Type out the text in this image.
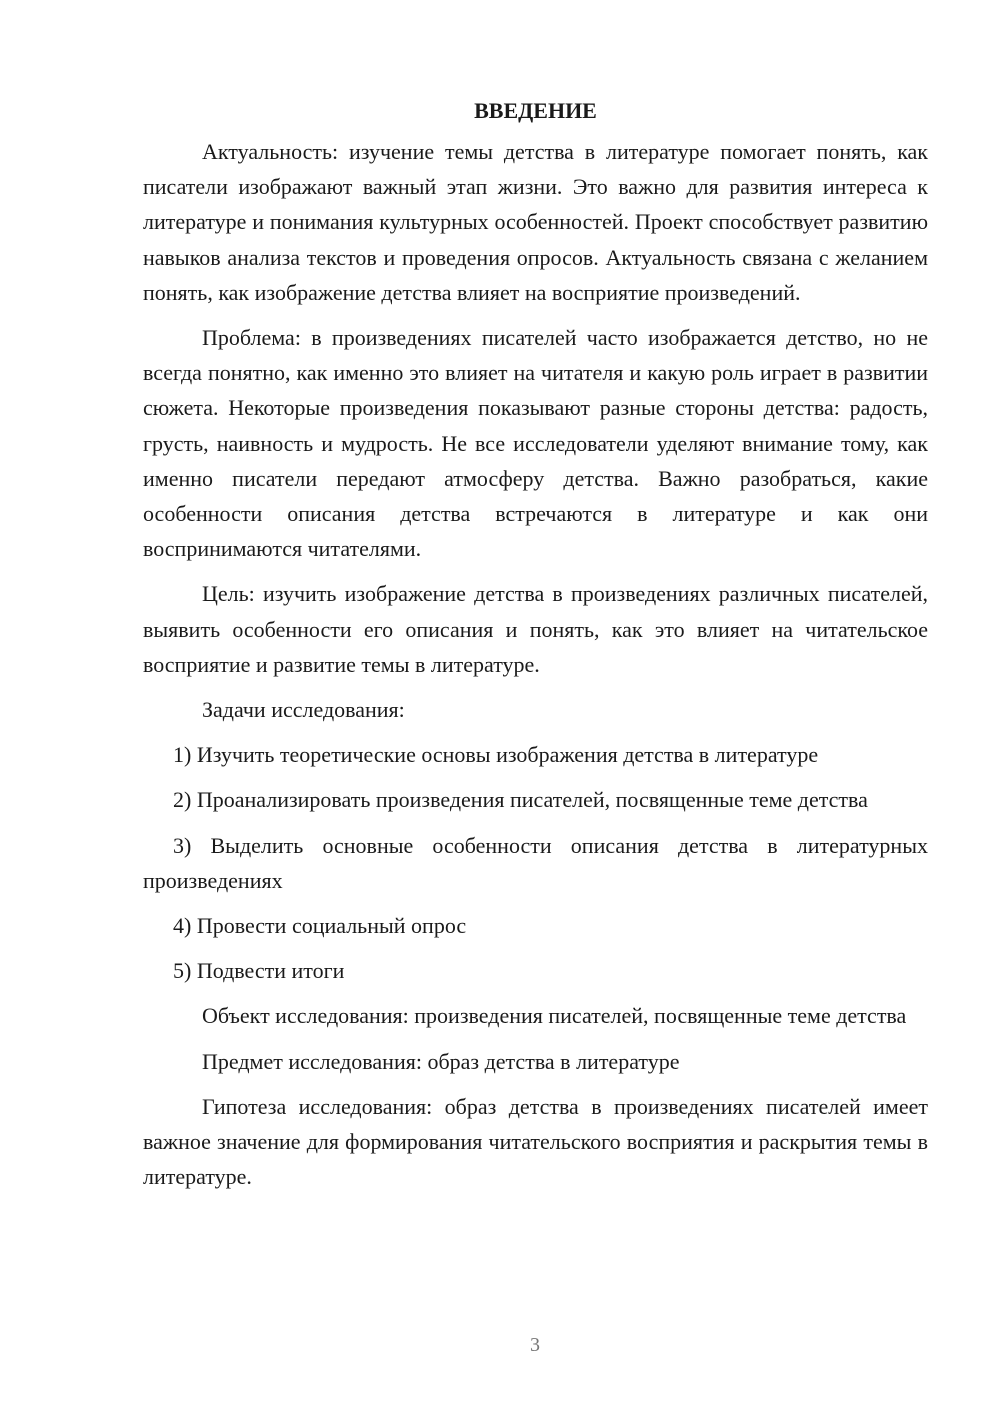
ВВЕДЕНИЕ

Актуальность: изучение темы детства в литературе помогает понять, как писатели изображают важный этап жизни. Это важно для развития интереса к литературе и понимания культурных особенностей. Проект способствует развитию навыков анализа текстов и проведения опросов. Актуальность связана с желанием понять, как изображение детства влияет на восприятие произведений.

Проблема: в произведениях писателей часто изображается детство, но не всегда понятно, как именно это влияет на читателя и какую роль играет в развитии сюжета. Некоторые произведения показывают разные стороны детства: радость, грусть, наивность и мудрость. Не все исследователи уделяют внимание тому, как именно писатели передают атмосферу детства. Важно разобраться, какие особенности описания детства встречаются в литературе и как они воспринимаются читателями.

Цель: изучить изображение детства в произведениях различных писателей, выявить особенности его описания и понять, как это влияет на читательское восприятие и развитие темы в литературе.

Задачи исследования:

1) Изучить теоретические основы изображения детства в литературе

2) Проанализировать произведения писателей, посвященные теме детства

3) Выделить основные особенности описания детства в литературных произведениях

4) Провести социальный опрос

5) Подвести итоги

Объект исследования: произведения писателей, посвященные теме детства

Предмет исследования: образ детства в литературе

Гипотеза исследования: образ детства в произведениях писателей имеет важное значение для формирования читательского восприятия и раскрытия темы в литературе.

3
